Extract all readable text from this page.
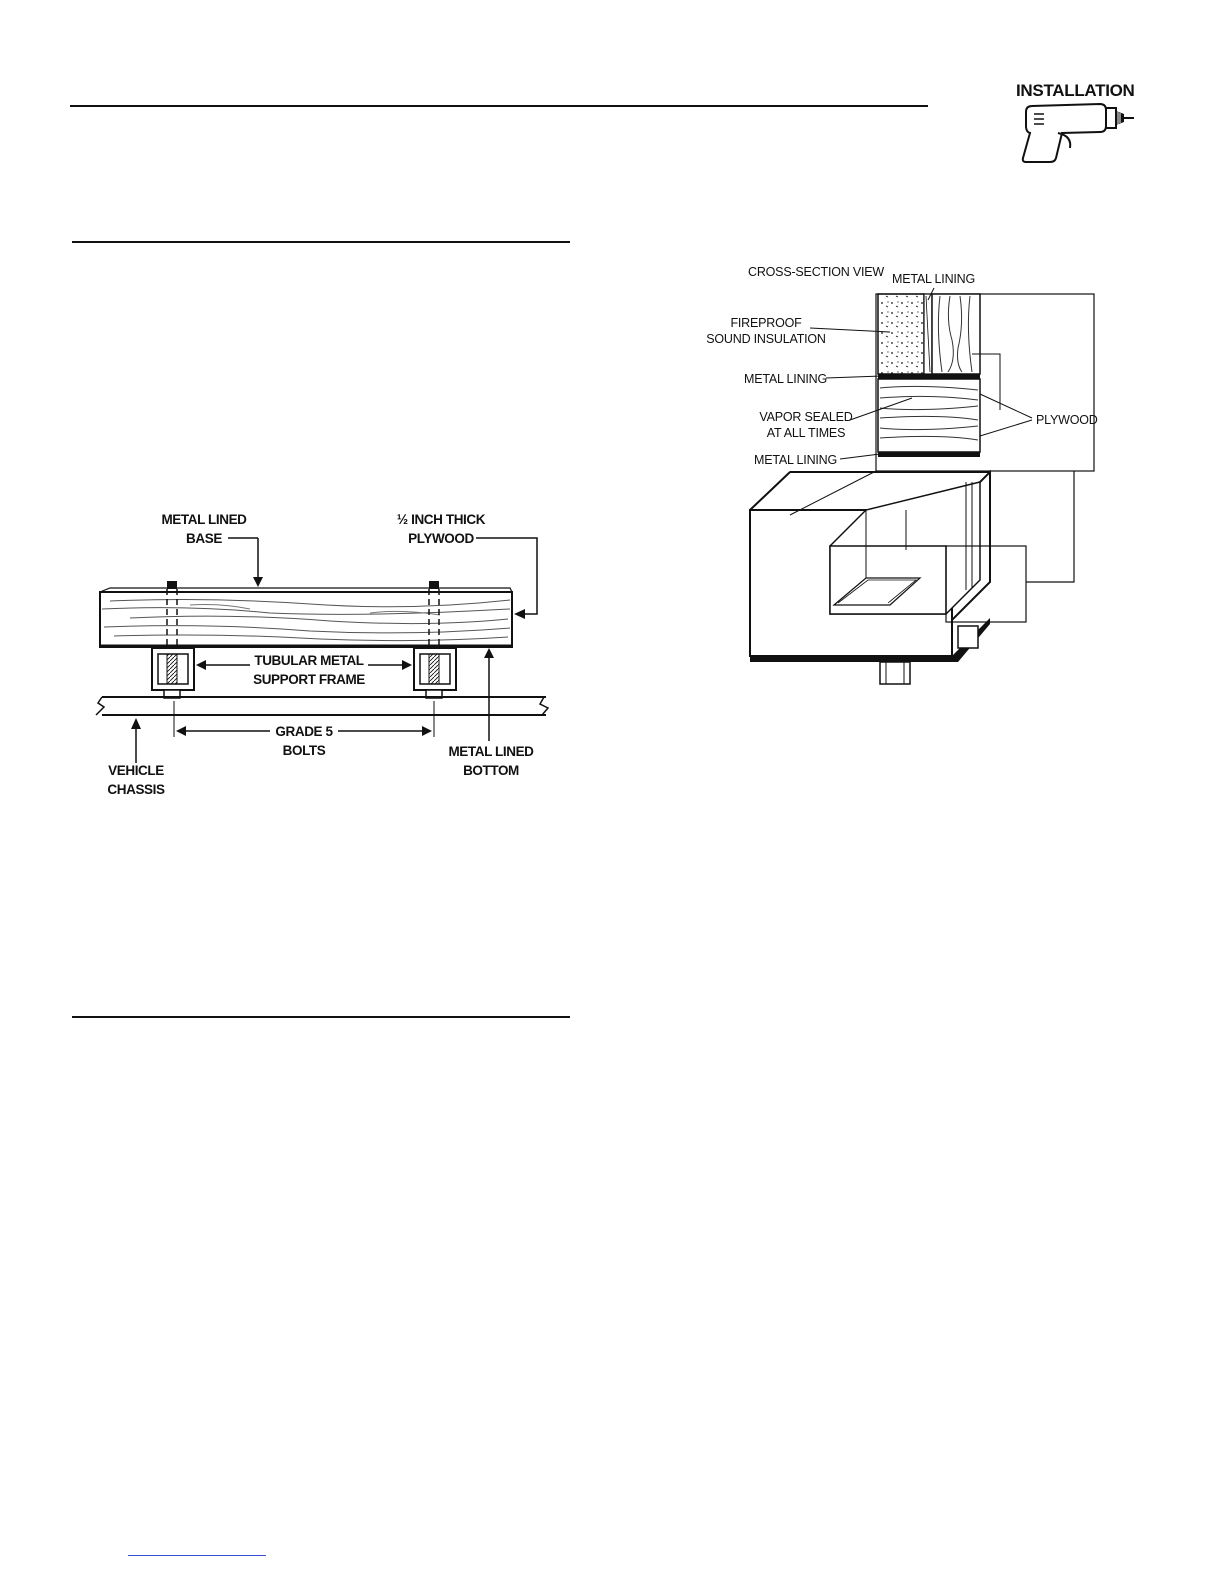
INSTALLATION
METAL LINED
BASE
½ INCH THICK
PLYWOOD
TUBULAR METAL
SUPPORT FRAME
GRADE 5
BOLTS
VEHICLE
CHASSIS
METAL LINED
BOTTOM
CROSS-SECTION VIEW METAL LINING
FIREPROOF
SOUND INSULATION
METAL LINING
VAPOR SEALED
AT ALL TIMES
PLYWOOD
METAL LINING
